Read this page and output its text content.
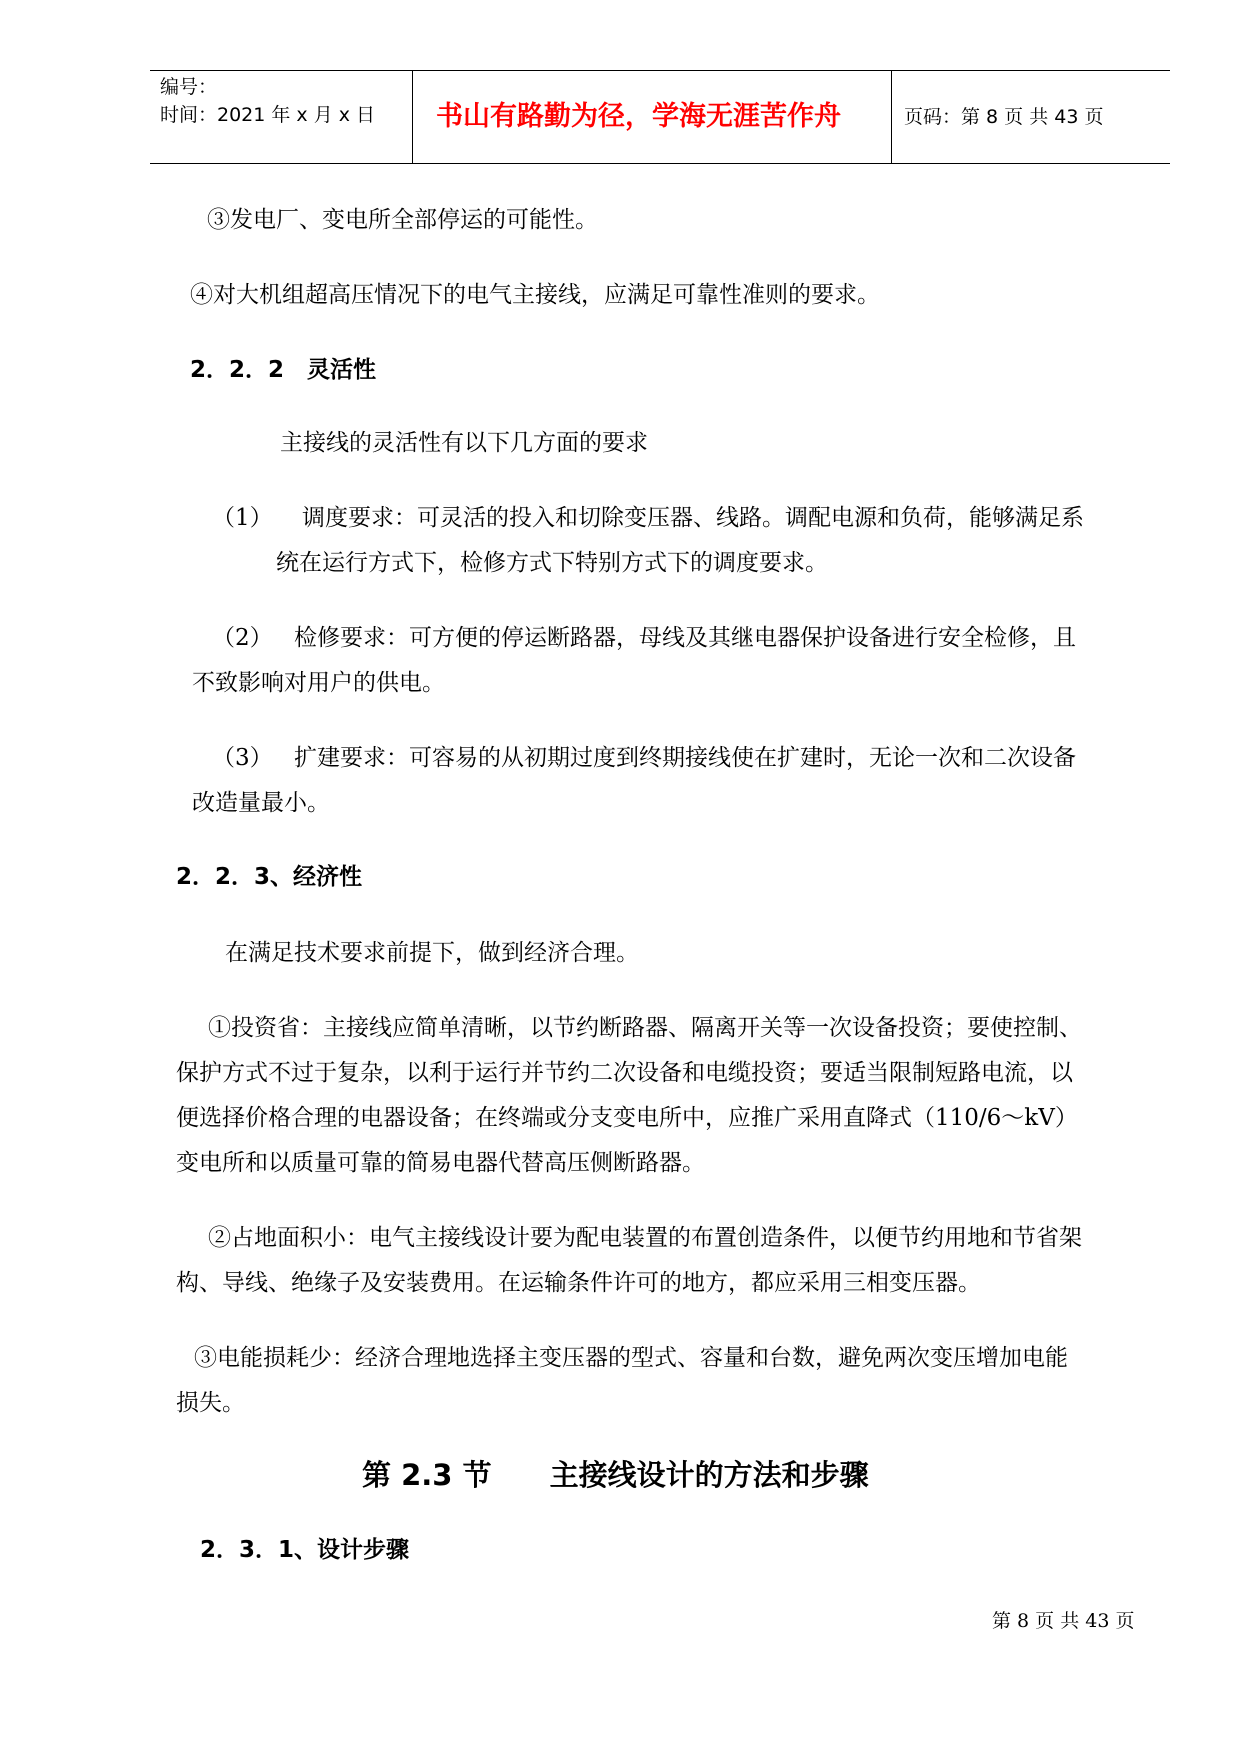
编号：
时间：2021 年 x 月 x 日 书山有路勤为径，学海无涯苦作舟	页码：第 8 页 共 43 页
③发电厂、变电所全部停运的可能性。
④对大机组超高压情况下的电气主接线，应满足可靠性准则的要求。
2．2．2　灵活性
主接线的灵活性有以下几方面的要求
（1） 调度要求：可灵活的投入和切除变压器、线路。调配电源和负荷，能够满足系
统在运行方式下，检修方式下特别方式下的调度要求。
（2） 检修要求：可方便的停运断路器，母线及其继电器保护设备进行安全检修，且
不致影响对用户的供电。
（3） 扩建要求：可容易的从初期过度到终期接线使在扩建时，无论一次和二次设备
改造量最小。
2．2．3、经济性
在满足技术要求前提下，做到经济合理。
①投资省：主接线应简单清晰，以节约断路器、隔离开关等一次设备投资；要使控制、
保护方式不过于复杂，以利于运行并节约二次设备和电缆投资；要适当限制短路电流，以
便选择价格合理的电器设备；在终端或分支变电所中，应推广采用直降式（110/6～kV）
变电所和以质量可靠的简易电器代替高压侧断路器。
②占地面积小：电气主接线设计要为配电装置的布置创造条件，以便节约用地和节省架
构、导线、绝缘子及安装费用。在运输条件许可的地方，都应采用三相变压器。
③电能损耗少：经济合理地选择主变压器的型式、容量和台数，避免两次变压增加电能
损失。
第 2.3 节　　主接线设计的方法和步骤
2．3．1、设计步骤
第 8 页 共 43 页
